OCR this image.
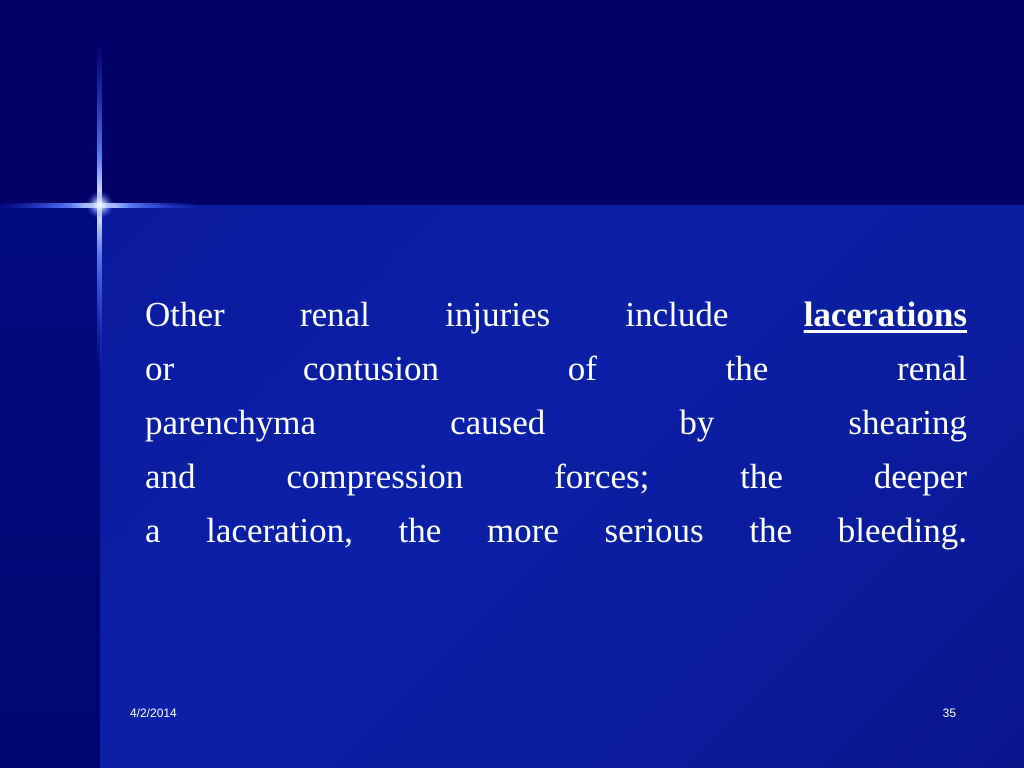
Other renal injuries include lacerations
or contusion of the renal
parenchyma caused by shearing
and compression forces; the deeper
a laceration, the more serious the bleeding.
4/2/2014	35
